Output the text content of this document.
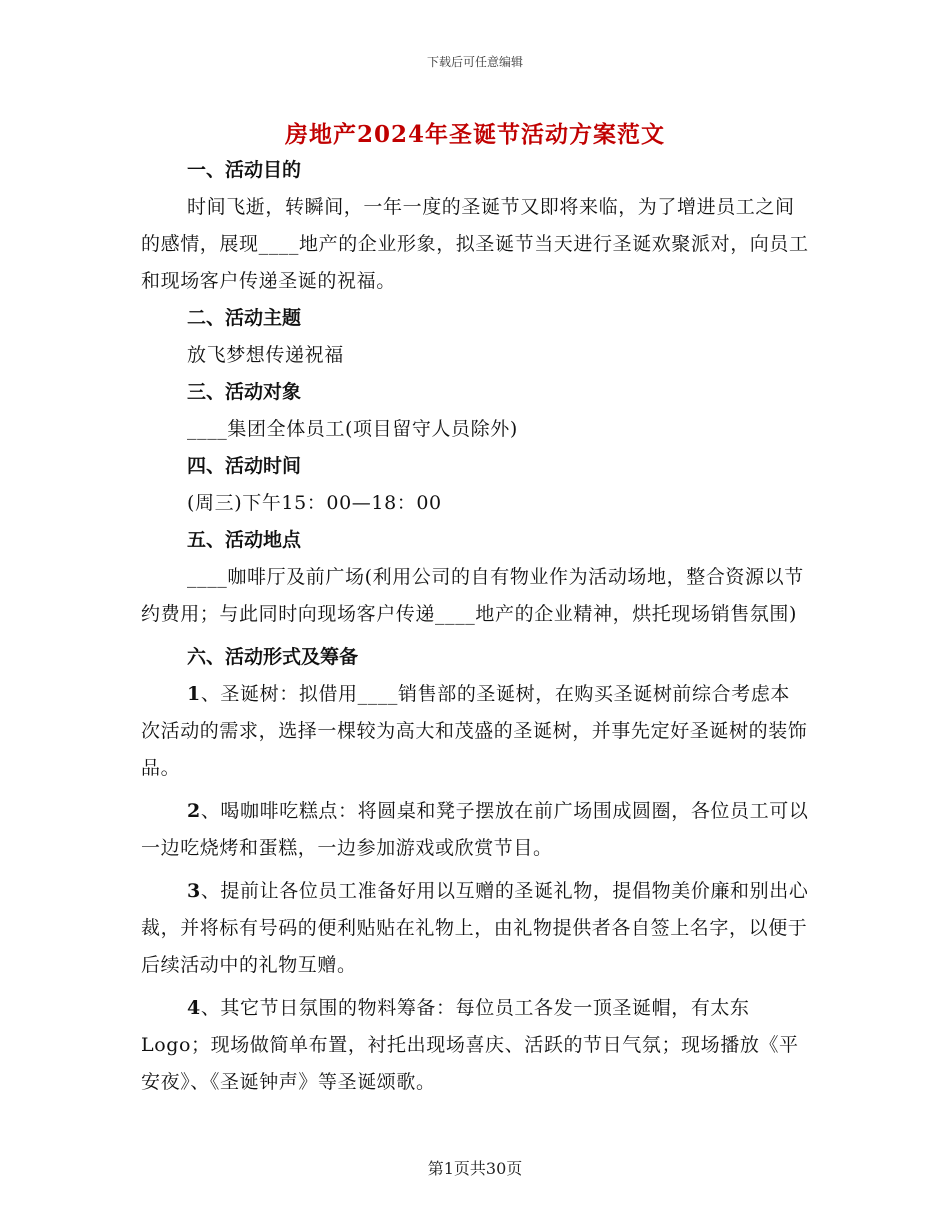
下载后可任意编辑
房地产2024年圣诞节活动方案范文
一、活动目的
时间飞逝，转瞬间，一年一度的圣诞节又即将来临，为了增进员工之间的感情，展现____地产的企业形象，拟圣诞节当天进行圣诞欢聚派对，向员工和现场客户传递圣诞的祝福。
二、活动主题
放飞梦想传递祝福
三、活动对象
____集团全体员工(项目留守人员除外)
四、活动时间
(周三)下午15：00—18：00
五、活动地点
____咖啡厅及前广场(利用公司的自有物业作为活动场地，整合资源以节约费用；与此同时向现场客户传递____地产的企业精神，烘托现场销售氛围)
六、活动形式及筹备
1、圣诞树：拟借用____销售部的圣诞树，在购买圣诞树前综合考虑本次活动的需求，选择一棵较为高大和茂盛的圣诞树，并事先定好圣诞树的装饰品。
2、喝咖啡吃糕点：将圆桌和凳子摆放在前广场围成圆圈，各位员工可以一边吃烧烤和蛋糕，一边参加游戏或欣赏节目。
3、提前让各位员工准备好用以互赠的圣诞礼物，提倡物美价廉和别出心裁，并将标有号码的便利贴贴在礼物上，由礼物提供者各自签上名字，以便于后续活动中的礼物互赠。
4、其它节日氛围的物料筹备：每位员工各发一顶圣诞帽，有太东Logo；现场做简单布置，衬托出现场喜庆、活跃的节日气氛；现场播放《平安夜》、《圣诞钟声》等圣诞颂歌。
第1页共30页
